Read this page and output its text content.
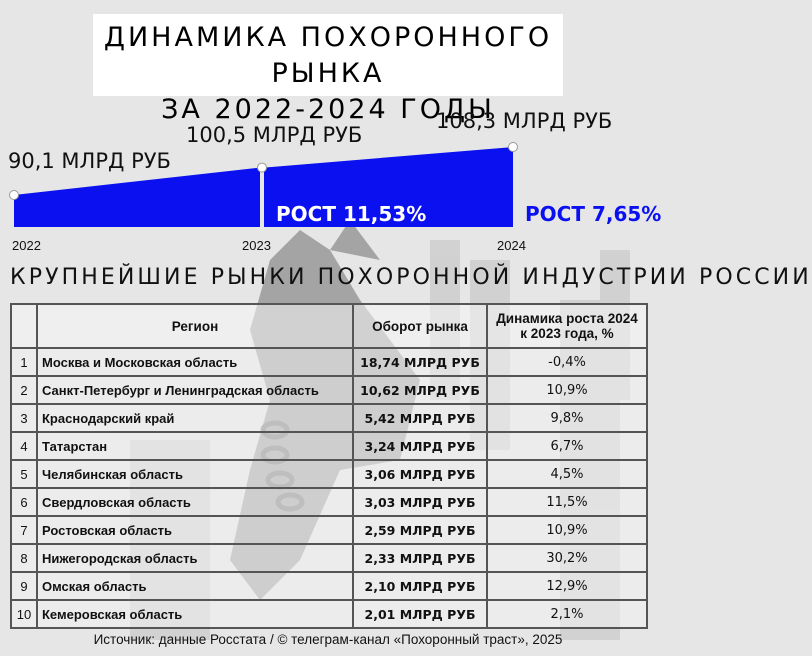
ДИНАМИКА ПОХОРОННОГО РЫНКА
ЗА 2022-2024 ГОДЫ
90,1 МЛРД РУБ
100,5 МЛРД РУБ
108,3 МЛРД РУБ
2022	2023	2024
РОСТ 11,53%	РОСТ 7,65%
КРУПНЕЙШИЕ РЫНКИ ПОХОРОННОЙ ИНДУСТРИИ РОССИИ
	Регион	Оборот рынка	Динамика роста 2024 к 2023 года, %
1	Москва и Московская область	18,74 МЛРД РУБ	-0,4%
2	Санкт-Петербург и Ленинградская область	10,62 МЛРД РУБ	10,9%
3	Краснодарский край	5,42 МЛРД РУБ	9,8%
4	Татарстан	3,24 МЛРД РУБ	6,7%
5	Челябинская область	3,06 МЛРД РУБ	4,5%
6	Свердловская область	3,03 МЛРД РУБ	11,5%
7	Ростовская область	2,59 МЛРД РУБ	10,9%
8	Нижегородская область	2,33 МЛРД РУБ	30,2%
9	Омская область	2,10 МЛРД РУБ	12,9%
10	Кемеровская область	2,01 МЛРД РУБ	2,1%
Источник: данные Росстата / © телеграм-канал «Похоронный траст», 2025
